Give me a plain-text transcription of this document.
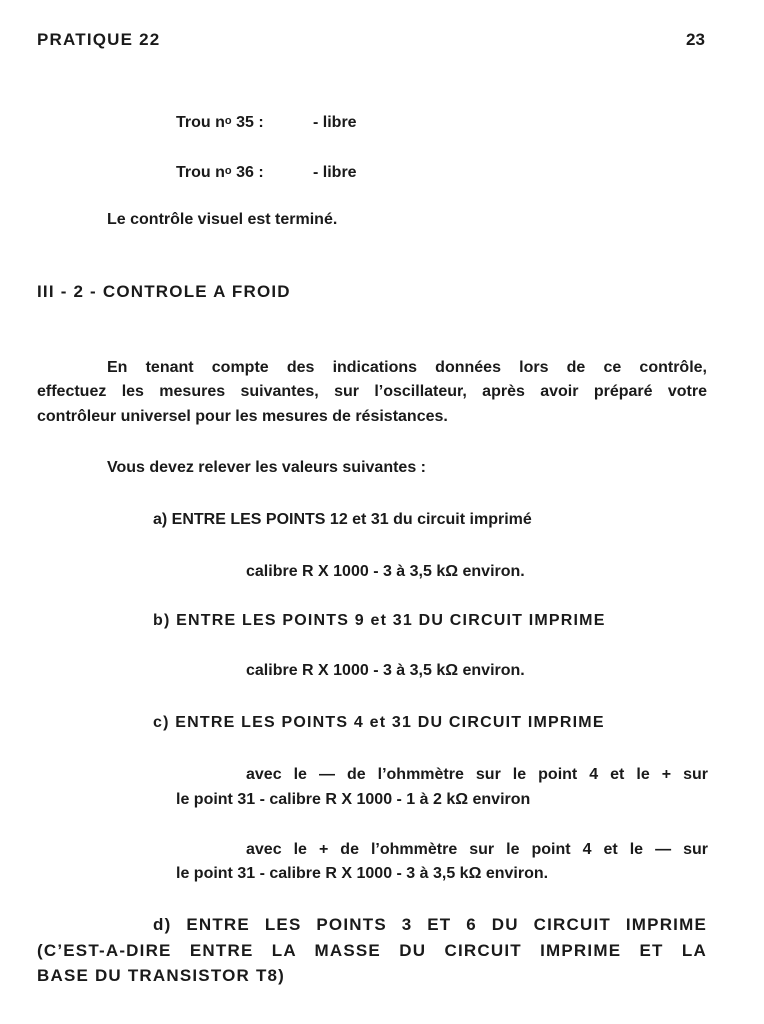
PRATIQUE 22	23
Trou $n^o$ 35 :	- libre
Trou $n^o$ 36 :	- libre
Le contrôle visuel est terminé.
III - 2 - CONTROLE A FROID
En tenant compte des indications données lors de ce contrôle,
effectuez les mesures suivantes, sur l’oscillateur, après avoir préparé votre
contrôleur universel pour les mesures de résistances.
Vous devez relever les valeurs suivantes :
a) ENTRE LES POINTS 12 et 31 du circuit imprimé
calibre R X 1000 - 3 à 3,5 kΩ environ.
b) ENTRE LES POINTS 9 et 31 DU CIRCUIT IMPRIME
calibre R X 1000 - 3 à 3,5 kΩ environ.
c) ENTRE LES POINTS 4 et 31 DU CIRCUIT IMPRIME
avec le — de l’ohmmètre sur le point 4 et le + sur
le point 31 - calibre R X 1000 - 1 à 2 kΩ environ
avec le + de l’ohmmètre sur le point 4 et le — sur
le point 31 - calibre R X 1000 - 3 à 3,5 kΩ environ.
d) ENTRE LES POINTS 3 ET 6 DU CIRCUIT IMPRIME
(C’EST-A-DIRE ENTRE LA MASSE DU CIRCUIT IMPRIME ET LA
BASE DU TRANSISTOR T8)
